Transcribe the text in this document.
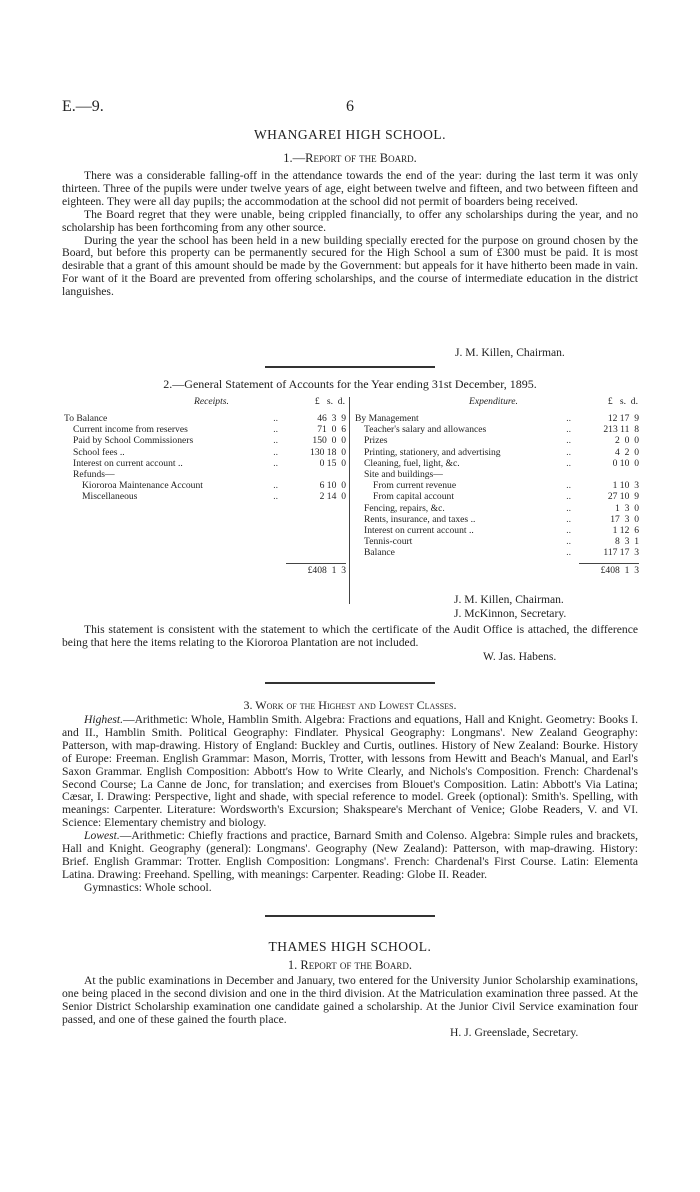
E.—9.	6
WHANGAREI HIGH SCHOOL.
1.—Report of the Board.

There was a considerable falling-off in the attendance towards the end of the year: during the last term it was only thirteen. Three of the pupils were under twelve years of age, eight between twelve and fifteen, and two between fifteen and eighteen. They were all day pupils; the accommodation at the school did not permit of boarders being received.

The Board regret that they were unable, being crippled financially, to offer any scholarships during the year, and no scholarship has been forthcoming from any other source.

During the year the school has been held in a new building specially erected for the purpose on ground chosen by the Board, but before this property can be permanently secured for the High School a sum of £300 must be paid. It is most desirable that a grant of this amount should be made by the Government: but appeals for it have hitherto been made in vain. For want of it the Board are prevented from offering scholarships, and the course of intermediate education in the district languishes.

J. M. Killen, Chairman.
2.—General Statement of Accounts for the Year ending 31st December, 1895.
Receipts.	Expenditure.
£   s.  d.	£   s.  d.
To Balance	..	46  3  9
Current income from reserves	..	71  0  6
Paid by School Commissioners	..	150  0  0
School fees ..	..	130 18  0
Interest on current account ..	..	0 15  0
Refunds—
Kiororoa Maintenance Account	..	6 10  0
Miscellaneous	..	2 14  0
By Management	..	12 17  9
Teacher's salary and allowances	..	213 11  8
Prizes	..	2  0  0
Printing, stationery, and advertising	..	4  2  0
Cleaning, fuel, light, &c.	..	0 10  0
Site and buildings—
From current revenue	..	1 10  3
From capital account	..	27 10  9
Fencing, repairs, &c.	..	1  3  0
Rents, insurance, and taxes ..	..	17  3  0
Interest on current account ..	..	1 12  6
Tennis-court	..	8  3  1
Balance	..	117 17  3
£408  1  3	£408  1  3
J. M. Killen, Chairman.
J. McKinnon, Secretary.

This statement is consistent with the statement to which the certificate of the Audit Office is attached, the difference being that here the items relating to the Kiororoa Plantation are not included.

W. Jas. Habens.
3. Work of the Highest and Lowest Classes.

Highest.—Arithmetic: Whole, Hamblin Smith. Algebra: Fractions and equations, Hall and Knight. Geometry: Books I. and II., Hamblin Smith. Political Geography: Findlater. Physical Geography: Longmans'. New Zealand Geography: Patterson, with map-drawing. History of England: Buckley and Curtis, outlines. History of New Zealand: Bourke. History of Europe: Freeman. English Grammar: Mason, Morris, Trotter, with lessons from Hewitt and Beach's Manual, and Earl's Saxon Grammar. English Composition: Abbott's How to Write Clearly, and Nichols's Composition. French: Chardenal's Second Course; La Canne de Jonc, for translation; and exercises from Blouet's Composition. Latin: Abbott's Via Latina; Cæsar, I. Drawing: Perspective, light and shade, with special reference to model. Greek (optional): Smith's. Spelling, with meanings: Carpenter. Literature: Wordsworth's Excursion; Shakspeare's Merchant of Venice; Globe Readers, V. and VI. Science: Elementary chemistry and biology.

Lowest.—Arithmetic: Chiefly fractions and practice, Barnard Smith and Colenso. Algebra: Simple rules and brackets, Hall and Knight. Geography (general): Longmans'. Geography (New Zealand): Patterson, with map-drawing. History: Brief. English Grammar: Trotter. English Composition: Longmans'. French: Chardenal's First Course. Latin: Elementa Latina. Drawing: Freehand. Spelling, with meanings: Carpenter. Reading: Globe II. Reader.

Gymnastics: Whole school.

THAMES HIGH SCHOOL.
1. Report of the Board.

At the public examinations in December and January, two entered for the University Junior Scholarship examinations, one being placed in the second division and one in the third division. At the Matriculation examination three passed. At the Senior District Scholarship examination one candidate gained a scholarship. At the Junior Civil Service examination four passed, and one of these gained the fourth place.

H. J. Greenslade, Secretary.
